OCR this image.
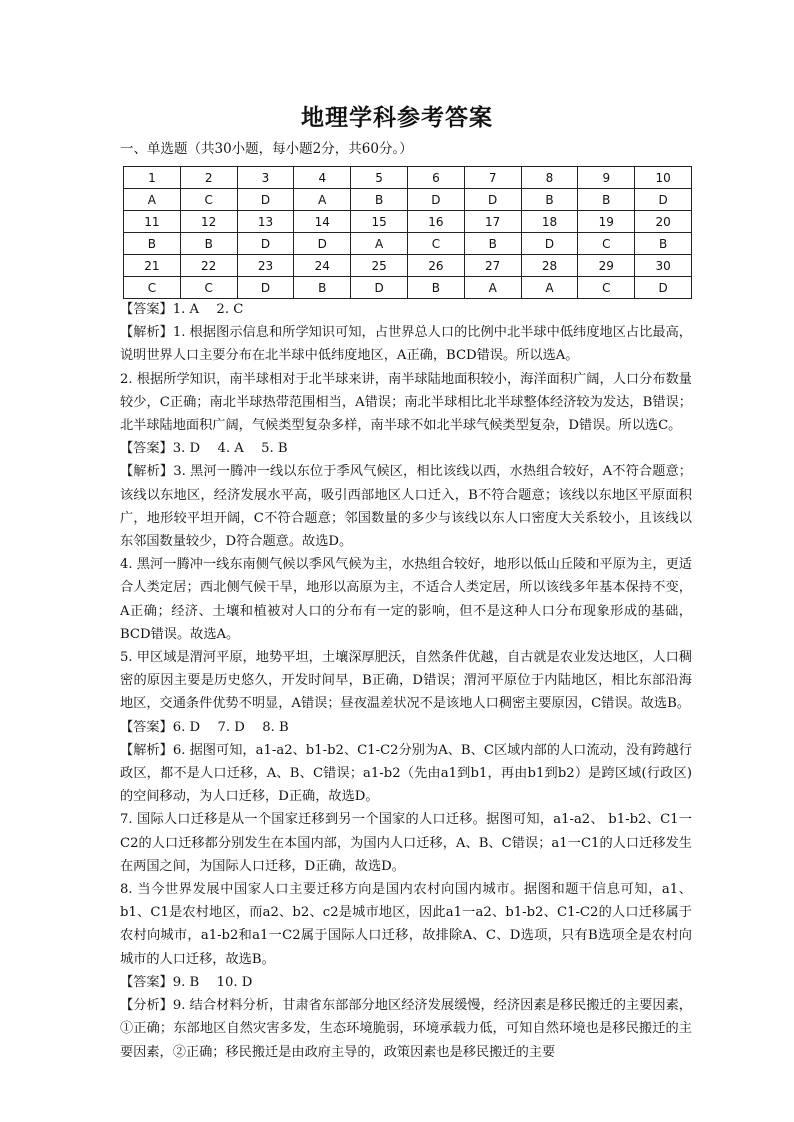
地理学科参考答案
一、单选题（共30小题，每小题2分，共60分。）
1	2	3	4	5	6	7	8	9	10
A	C	D	A	B	D	D	B	B	D
11	12	13	14	15	16	17	18	19	20
B	B	D	D	A	C	B	D	C	B
21	22	23	24	25	26	27	28	29	30
C	C	D	B	D	B	A	A	C	D

【答案】1. A　 2. C

【解析】1. 根据图示信息和所学知识可知，占世界总人口的比例中北半球中低纬度地区占比最高，说明世界人口主要分布在北半球中低纬度地区，A正确，BCD错误。所以选A。

2. 根据所学知识，南半球相对于北半球来讲，南半球陆地面积较小，海洋面积广阔，人口分布数量较少，C正确；南北半球热带范围相当，A错误；南北半球相比北半球整体经济较为发达，B错误；北半球陆地面积广阔，气候类型复杂多样，南半球不如北半球气候类型复杂，D错误。所以选C。

【答案】3. D　 4. A　 5. B

【解析】3. 黑河一腾冲一线以东位于季风气候区，相比该线以西，水热组合较好，A不符合题意；该线以东地区，经济发展水平高，吸引西部地区人口迁入，B不符合题意；该线以东地区平原面积广，地形较平坦开阔，C不符合题意；邻国数量的多少与该线以东人口密度大关系较小，且该线以东邻国数量较少，D符合题意。故选D。

4. 黑河一腾冲一线东南侧气候以季风气候为主，水热组合较好，地形以低山丘陵和平原为主，更适合人类定居；西北侧气候干旱，地形以高原为主，不适合人类定居，所以该线多年基本保持不变，A正确；经济、土壤和植被对人口的分布有一定的影响，但不是这种人口分布现象形成的基础，BCD错误。故选A。

5. 甲区域是渭河平原，地势平坦，土壤深厚肥沃，自然条件优越，自古就是农业发达地区，人口稠密的原因主要是历史悠久，开发时间早，B正确，D错误；渭河平原位于内陆地区，相比东部沿海地区，交通条件优势不明显，A错误；昼夜温差状况不是该地人口稠密主要原因，C错误。故选B。

【答案】6. D　 7. D　 8. B

【解析】6. 据图可知，a1-a2、b1-b2、C1-C2分别为A、B、C区域内部的人口流动，没有跨越行政区，都不是人口迁移，A、B、C错误；a1-b2（先由a1到b1，再由b1到b2）是跨区域(行政区)的空间移动，为人口迁移，D正确，故选D。

7. 国际人口迁移是从一个国家迁移到另一个国家的人口迁移。据图可知，a1-a2、 b1-b2、C1一C2的人口迁移都分别发生在本国内部，为国内人口迁移，A、B、C错误；a1一C1的人口迁移发生在两国之间，为国际人口迁移，D正确，故选D。

8. 当今世界发展中国家人口主要迁移方向是国内农村向国内城市。据图和题干信息可知，a1、b1、C1是农村地区，而a2、b2、c2是城市地区，因此a1一a2、b1-b2、C1-C2的人口迁移属于农村向城市，a1-b2和a1一C2属于国际人口迁移，故排除A、C、D选项，只有B选项全是农村向城市的人口迁移，故选B。

【答案】9. B　 10. D

【分析】9. 结合材料分析，甘肃省东部部分地区经济发展缓慢，经济因素是移民搬迁的主要因素，①正确；东部地区自然灾害多发，生态环境脆弱，环境承载力低，可知自然环境也是移民搬迁的主要因素，②正确；移民搬迁是由政府主导的，政策因素也是移民搬迁的主要
